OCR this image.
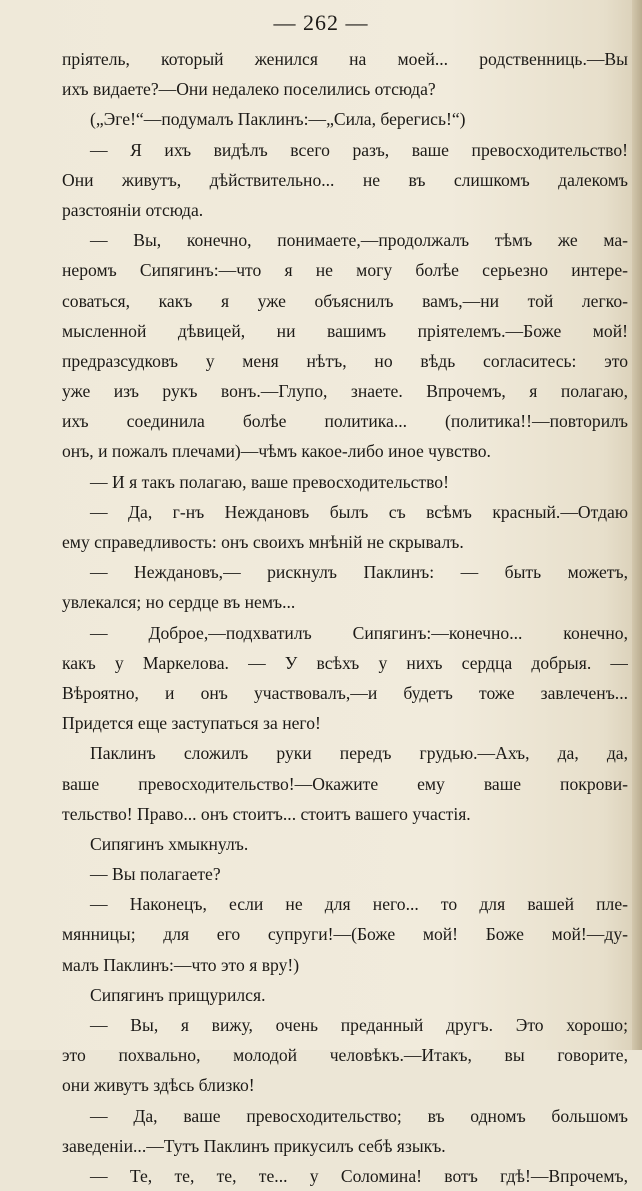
— 262 —
пріятель, который женился на моей... родственниць.—Вы
ихъ видаете?—Они недалеко поселились отсюда?
(„Эге!“—подумалъ Паклинъ:—„Сила, берегись!“)
— Я ихъ видѣлъ всего разъ, ваше превосходительство!
Они живутъ, дѣйствительно... не въ слишкомъ далекомъ
разстояніи отсюда.
— Вы, конечно, понимаете,—продолжалъ тѣмъ же ма-
неромъ Сипягинъ:—что я не могу болѣе серьезно интере-
соваться, какъ я уже объяснилъ вамъ,—ни той легко-
мысленной дѣвицей, ни вашимъ пріятелемъ.—Боже мой!
предразсудковъ у меня нѣтъ, но вѣдь согласитесь: это
уже изъ рукъ вонъ.—Глупо, знаете. Впрочемъ, я полагаю,
ихъ соединила болѣе политика... (политика!!—повторилъ
онъ, и пожалъ плечами)—чѣмъ какое-либо иное чувство.
— И я такъ полагаю, ваше превосходительство!
— Да, г-нъ Неждановъ былъ съ всѣмъ красный.—Отдаю
ему справедливость: онъ своихъ мнѣній не скрывалъ.
— Неждановъ,— рискнулъ Паклинъ: — быть можетъ,
увлекался; но сердце въ немъ...
— Доброе,—подхватилъ Сипягинъ:—конечно... конечно,
какъ у Маркелова. — У всѣхъ у нихъ сердца добрыя. —
Вѣроятно, и онъ участвовалъ,—и будетъ тоже завлеченъ...
Придется еще заступаться за него!
Паклинъ сложилъ руки передъ грудью.—Ахъ, да, да,
ваше превосходительство!—Окажите ему ваше покрови-
тельство! Право... онъ стоитъ... стоитъ вашего участія.
Сипягинъ хмыкнулъ.
— Вы полагаете?
— Наконецъ, если не для него... то для вашей пле-
мянницы; для его супруги!—(Боже мой! Боже мой!—ду-
малъ Паклинъ:—что это я вру!)
Сипягинъ прищурился.
— Вы, я вижу, очень преданный другъ. Это хорошо;
это похвально, молодой человѣкъ.—Итакъ, вы говорите,
они живутъ здѣсь близко!
— Да, ваше превосходительство; въ одномъ большомъ
заведеніи...—Тутъ Паклинъ прикусилъ себѣ языкъ.
— Те, те, те, те... у Соломина! вотъ гдѣ!—Впрочемъ,
